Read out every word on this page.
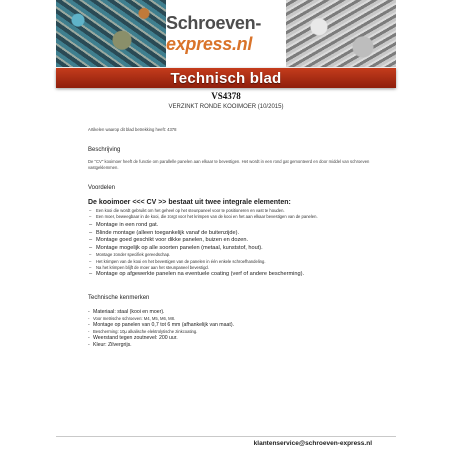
Schroeven-express.nl
Technisch blad
VS4378
VERZINKT RONDE KOOIMOER (10/2015)
Artikelen waarop dit blad betrekking heeft: 4378
Beschrijving
De "CV" kooimoer heeft de functie om parallelle panelen aan elkaar te bevestigen. Het wordt in een rond gat gemonteerd en door middel van schroeven vastgeklemmen.
Voordelen
De kooimoer <<< CV >> bestaat uit twee integrale elementen:
– Een kooi die wordt gebruikt om het geheel op het steunpaneel voor te positioneren en vast te houden.
– Een moer, beweegbaar in de kooi, die zorgt voor het krimpen van de kooi en het aan elkaar bevestigen van de panelen.
– Montage in een rond gat.
– Blinde montage (alleen toegankelijk vanaf de buitenzijde).
– Montage goed geschikt voor dikke panelen, buizen en dozen.
– Montage mogelijk op alle soorten panelen (metaal, kunststof, hout).
– Montage zonder specifiek gereedschap.
– Het krimpen van de kooi en het bevestigen van de panelen in één enkele schroefhandeling.
– Na het krimpen blijft de moer aan het steunpaneel bevestigd.
– Montage op afgewerkte panelen na eventuele coating (verf of andere bescherming).
Technische kenmerken
- Materiaal: staal (kooi en moer).
- Voor metrische schroeven: M4, M5, M6, M8.
- Montage op panelen van 0,7 tot 6 mm (afhankelijk van maat).
- Bescherming: 10µ alkalische elektrolytische zinkcoating.
- Weerstand tegen zoutnevel: 200 uur.
- Kleur: Zilvergrijs.
klantenservice@schroeven-express.nl
